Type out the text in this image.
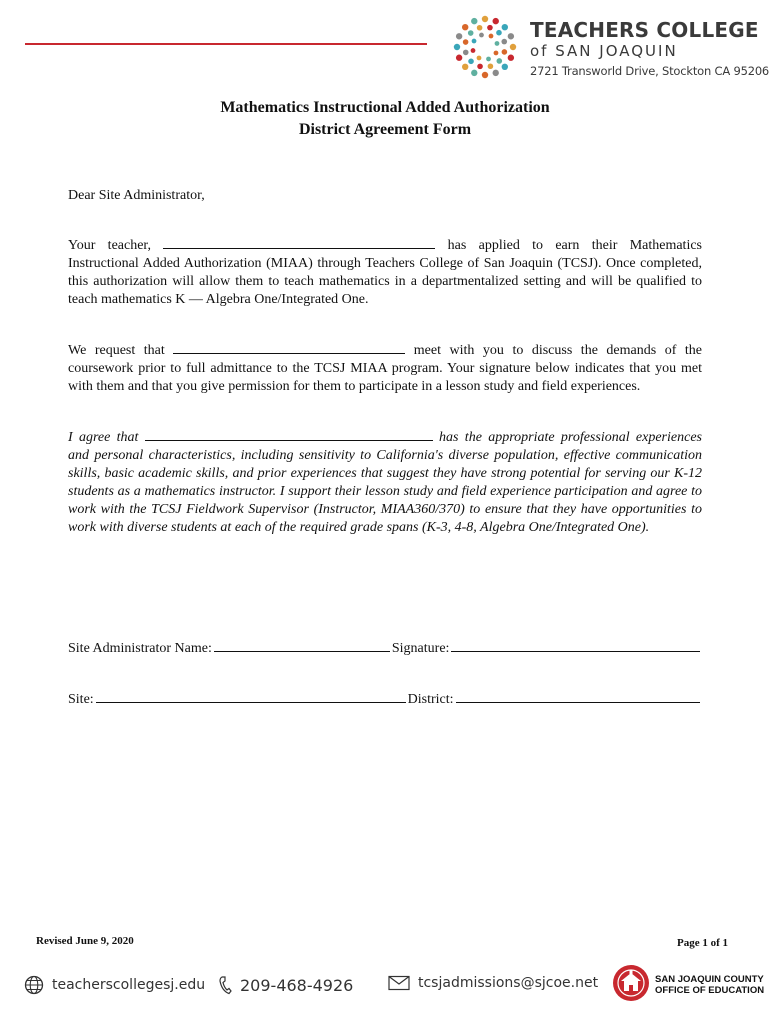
TEACHERS COLLEGE
of SAN JOAQUIN
2721 Transworld Drive, Stockton CA 95206
Mathematics Instructional Added Authorization
District Agreement Form
Dear Site Administrator,
Your teacher,	has applied to earn their Mathematics Instructional Added Authorization (MIAA) through Teachers College of San Joaquin (TCSJ). Once completed, this authorization will allow them to teach mathematics in a departmentalized setting and will be qualified to teach mathematics K — Algebra One/Integrated One.
We request that	meet with you to discuss the demands of the coursework prior to full admittance to the TCSJ MIAA program. Your signature below indicates that you met with them and that you give permission for them to participate in a lesson study and field experiences.
I agree that	has the appropriate professional experiences and personal characteristics, including sensitivity to California's diverse population, effective communication skills, basic academic skills, and prior experiences that suggest they have strong potential for serving our K-12 students as a mathematics instructor. I support their lesson study and field experience participation and agree to work with the TCSJ Fieldwork Supervisor (Instructor, MIAA360/370) to ensure that they have opportunities to work with diverse students at each of the required grade spans (K-3, 4-8, Algebra One/Integrated One).
Site Administrator Name:	Signature:
Site:	District:
Revised June 9, 2020	Page 1 of 1
teacherscollegesj.edu 209-468-4926	tcsjadmissions@sjcoe.net	SAN JOAQUIN COUNTY
OFFICE OF EDUCATION
